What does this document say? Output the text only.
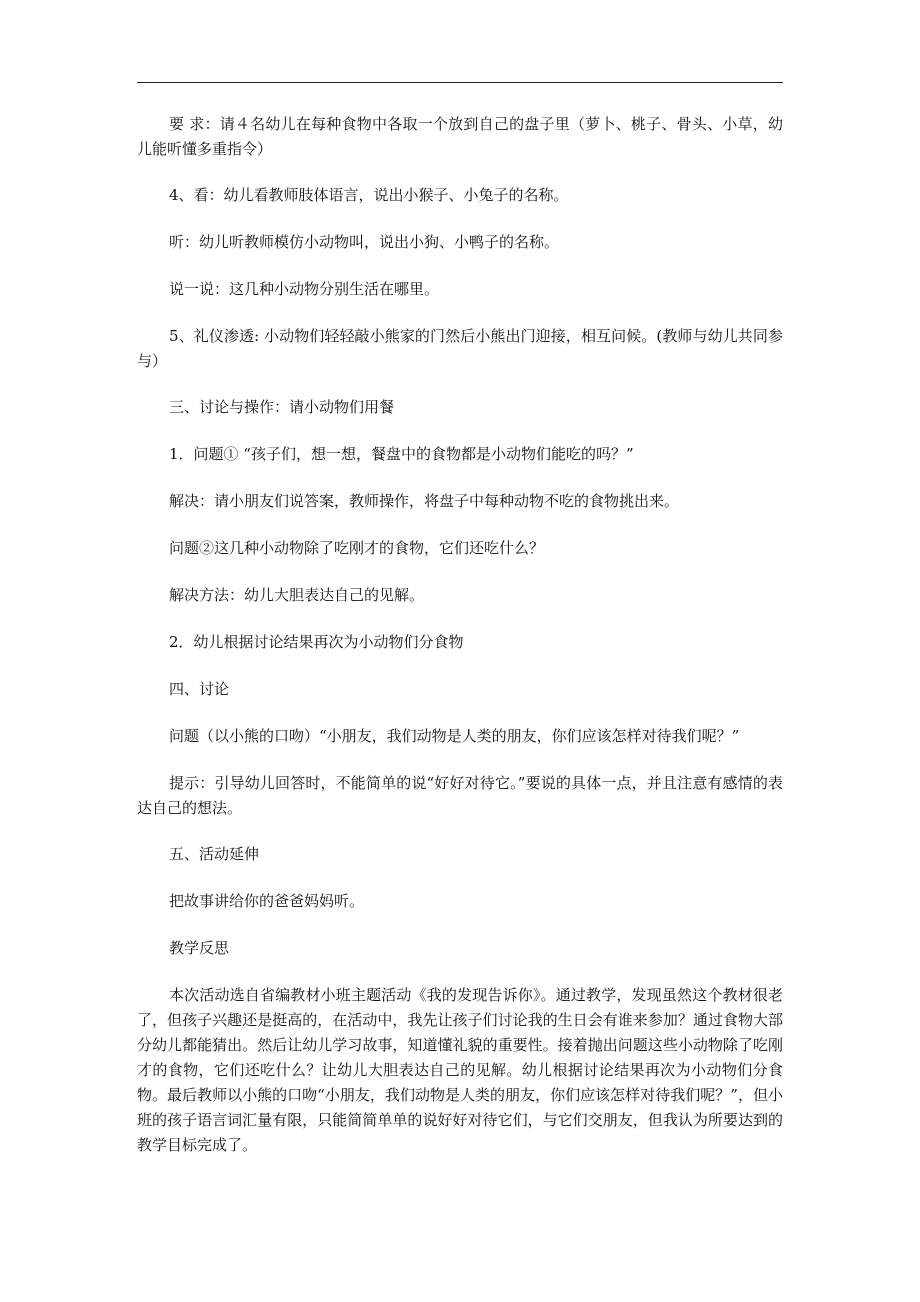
要 求：请４名幼儿在每种食物中各取一个放到自己的盘子里（萝卜、桃子、骨头、小草，幼儿能听懂多重指令）

4、看：幼儿看教师肢体语言，说出小猴子、小兔子的名称。

听：幼儿听教师模仿小动物叫，说出小狗、小鸭子的名称。

说一说：这几种小动物分别生活在哪里。

5、礼仪渗透: 小动物们轻轻敲小熊家的门然后小熊出门迎接，相互问候。(教师与幼儿共同参与）

三、讨论与操作：请小动物们用餐

1．问题① “孩子们，想一想，餐盘中的食物都是小动物们能吃的吗？”

解决：请小朋友们说答案，教师操作，将盘子中每种动物不吃的食物挑出来。

问题②这几种小动物除了吃刚才的食物，它们还吃什么？

解决方法：幼儿大胆表达自己的见解。

2．幼儿根据讨论结果再次为小动物们分食物

四、讨论

问题（以小熊的口吻）“小朋友，我们动物是人类的朋友，你们应该怎样对待我们呢？”

提示：引导幼儿回答时，不能简单的说“好好对待它。”要说的具体一点，并且注意有感情的表达自己的想法。

五、活动延伸

把故事讲给你的爸爸妈妈听。

教学反思

本次活动选自省编教材小班主题活动《我的发现告诉你》。通过教学，发现虽然这个教材很老了，但孩子兴趣还是挺高的，在活动中，我先让孩子们讨论我的生日会有谁来参加？通过食物大部分幼儿都能猜出。然后让幼儿学习故事，知道懂礼貌的重要性。接着抛出问题这些小动物除了吃刚才的食物，它们还吃什么？让幼儿大胆表达自己的见解。幼儿根据讨论结果再次为小动物们分食物。最后教师以小熊的口吻“小朋友，我们动物是人类的朋友，你们应该怎样对待我们呢？”，但小班的孩子语言词汇量有限，只能简简单单的说好好对待它们，与它们交朋友，但我认为所要达到的教学目标完成了。
